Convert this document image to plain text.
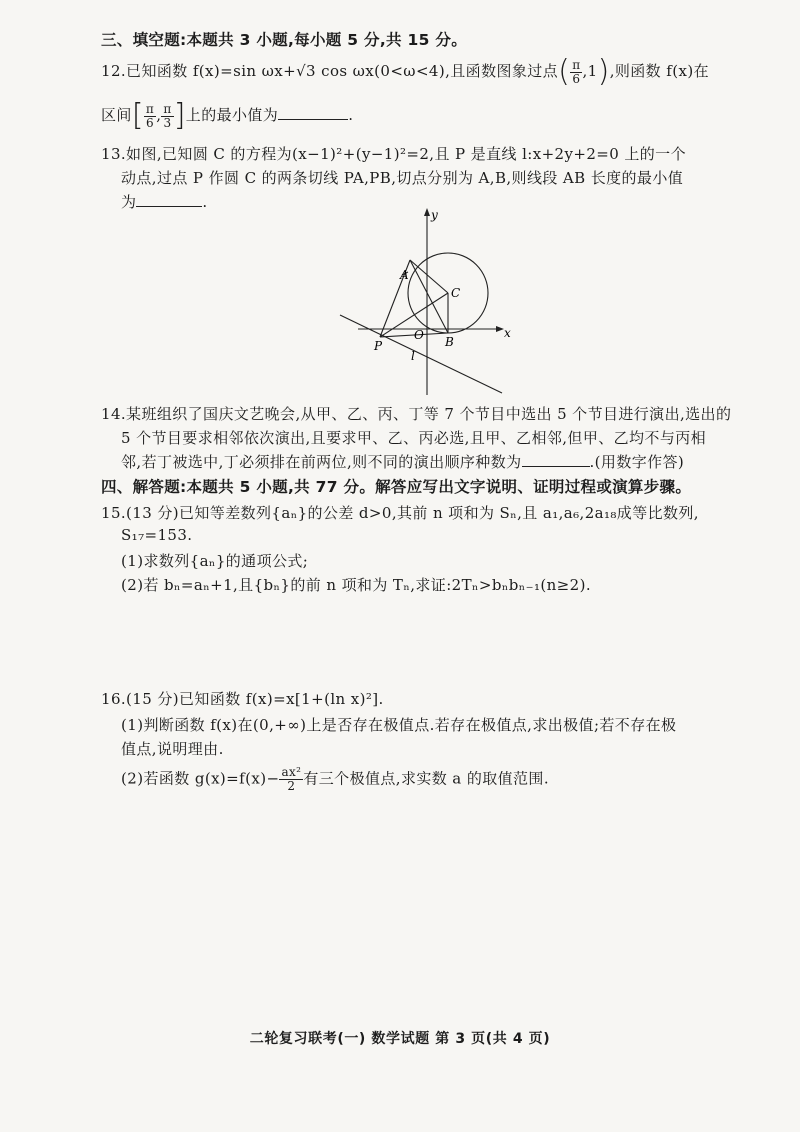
三、填空题:本题共 3 小题,每小题 5 分,共 15 分。
12.已知函数 f(x)=sin ωx+√3 cos ωx(0<ω<4),且函数图象过点( $\frac{\pi}{6} ,1$),则函数 f(x)在
区间[ $\frac{\pi}{6}$ , $\frac{\pi}{3}$ ]上的最小值为	.
13.如图,已知圆 C 的方程为(x−1)²+(y−1)²=2,且 P 是直线 l:x+2y+2=0 上的一个
动点,过点 P 作圆 C 的两条切线 PA,PB,切点分别为 A,B,则线段 AB 长度的最小值
为	.
y
x
A
C
O
P	B
l
14.某班组织了国庆文艺晚会,从甲、乙、丙、丁等 7 个节目中选出 5 个节目进行演出,选出的
5 个节目要求相邻依次演出,且要求甲、乙、丙必选,且甲、乙相邻,但甲、乙均不与丙相
邻,若丁被选中,丁必须排在前两位,则不同的演出顺序种数为	.(用数字作答)
四、解答题:本题共 5 小题,共 77 分。解答应写出文字说明、证明过程或演算步骤。
15.(13 分)已知等差数列{aₙ}的公差 d>0,其前 n 项和为 Sₙ,且 a₁,a₆,2a₁₈成等比数列,
S₁₇=153.
(1)求数列{aₙ}的通项公式;
(2)若 bₙ=aₙ+1,且{bₙ}的前 n 项和为 Tₙ,求证:2Tₙ>bₙbₙ₋₁(n≥2).
16.(15 分)已知函数 f(x)=x[1+(ln x)²].
(1)判断函数 f(x)在(0,+∞)上是否存在极值点.若存在极值点,求出极值;若不存在极
值点,说明理由.
(2)若函数 $g(x)=f(x)- \frac{\text{ax²}}{2}$ 有三个极值点,求实数 a 的取值范围.
二轮复习联考(一) 数学试题 第 3 页(共 4 页)
